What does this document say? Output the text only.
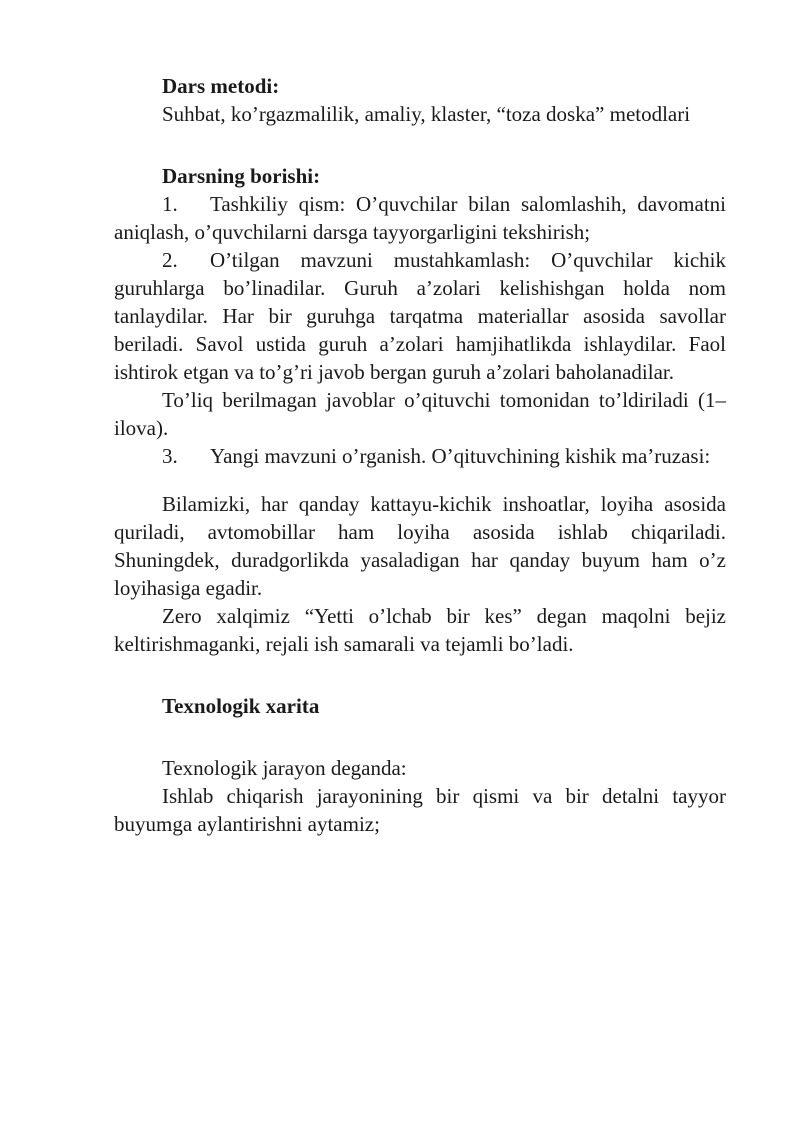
Dars metodi:

Suhbat, ko’rgazmalilik, amaliy, klaster, “toza doska” metodlari

Darsning borishi:

1. Tashkiliy qism: O’quvchilar bilan salomlashih, davomatni aniqlash, o’quvchilarni darsga tayyorgarligini tekshirish;

2. O’tilgan mavzuni mustahkamlash: O’quvchilar kichik guruhlarga bo’linadilar. Guruh a’zolari kelishishgan holda nom tanlaydilar. Har bir guruhga tarqatma materiallar asosida savollar beriladi. Savol ustida guruh a’zolari hamjihatlikda ishlaydilar. Faol ishtirok etgan va to’g’ri javob bergan guruh a’zolari baholanadilar.

To’liq berilmagan javoblar o’qituvchi tomonidan to’ldiriladi (1–ilova).

3. Yangi mavzuni o’rganish. O’qituvchining kishik ma’ruzasi:

Bilamizki, har qanday kattayu-kichik inshoatlar, loyiha asosida quriladi, avtomobillar ham loyiha asosida ishlab chiqariladi. Shuningdek, duradgorlikda yasaladigan har qanday buyum ham o’z loyihasiga egadir.

Zero xalqimiz “Yetti o’lchab bir kes” degan maqolni bejiz keltirishmaganki, rejali ish samarali va tejamli bo’ladi.

Texnologik xarita

Texnologik jarayon deganda:

Ishlab chiqarish jarayonining bir qismi va bir detalni tayyor buyumga aylantirishni aytamiz;
